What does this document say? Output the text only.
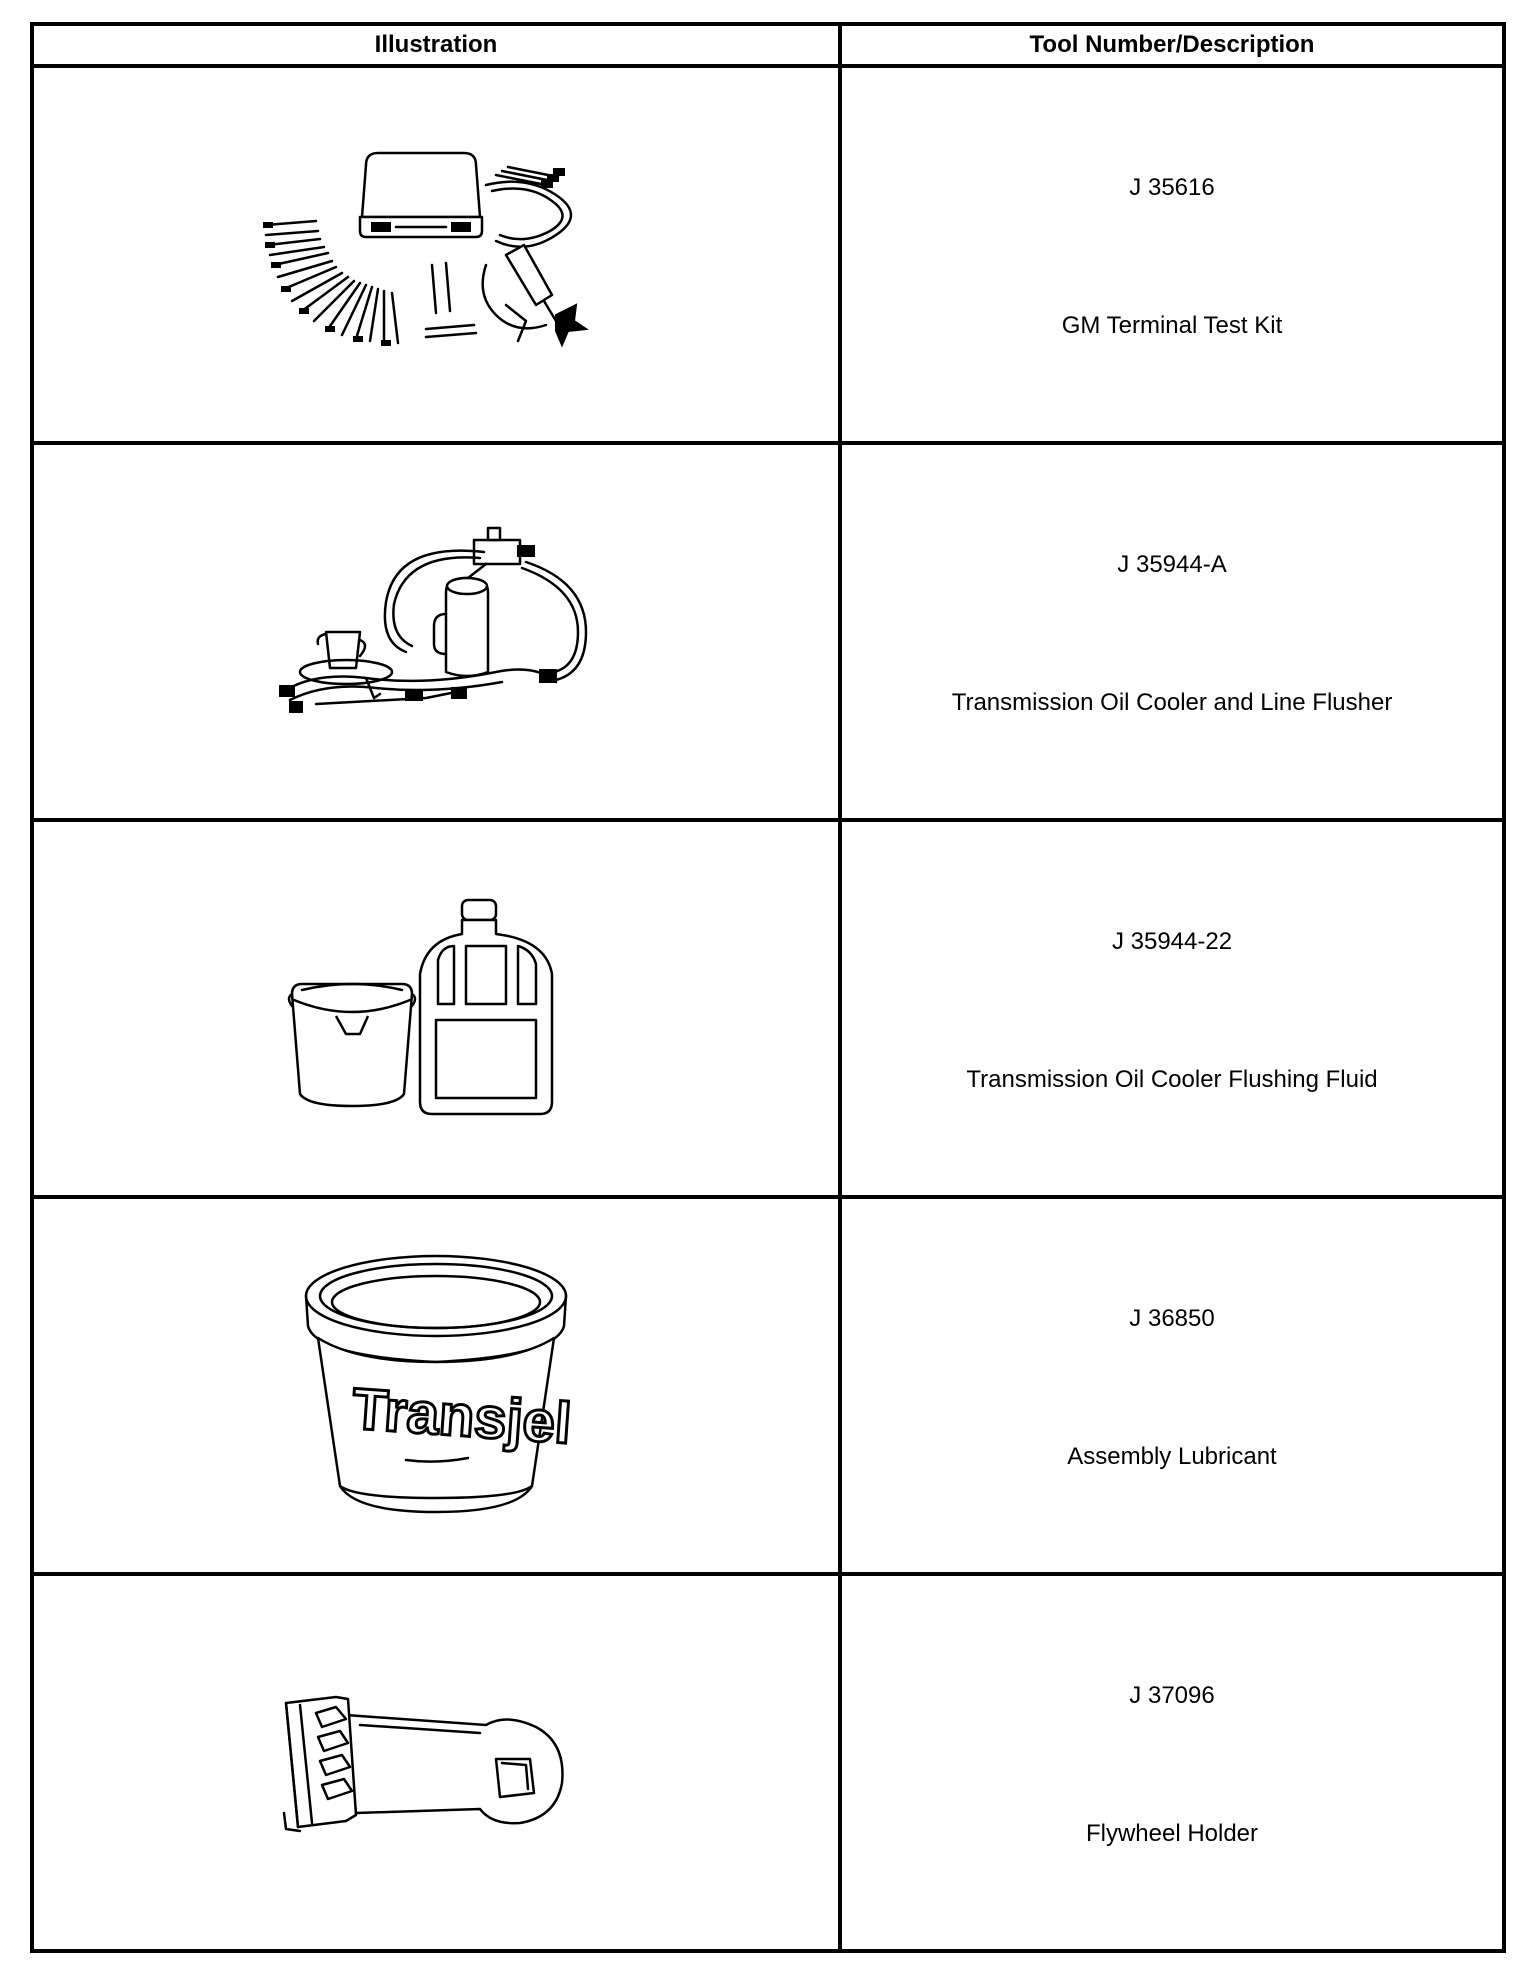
Illustration	Tool Number/Description

J 35616
GM Terminal Test Kit

J 35944-A
Transmission Oil Cooler and Line Flusher

J 35944-22
Transmission Oil Cooler Flushing Fluid

Transjel	J 36850
Assembly Lubricant

J 37096
Flywheel Holder
